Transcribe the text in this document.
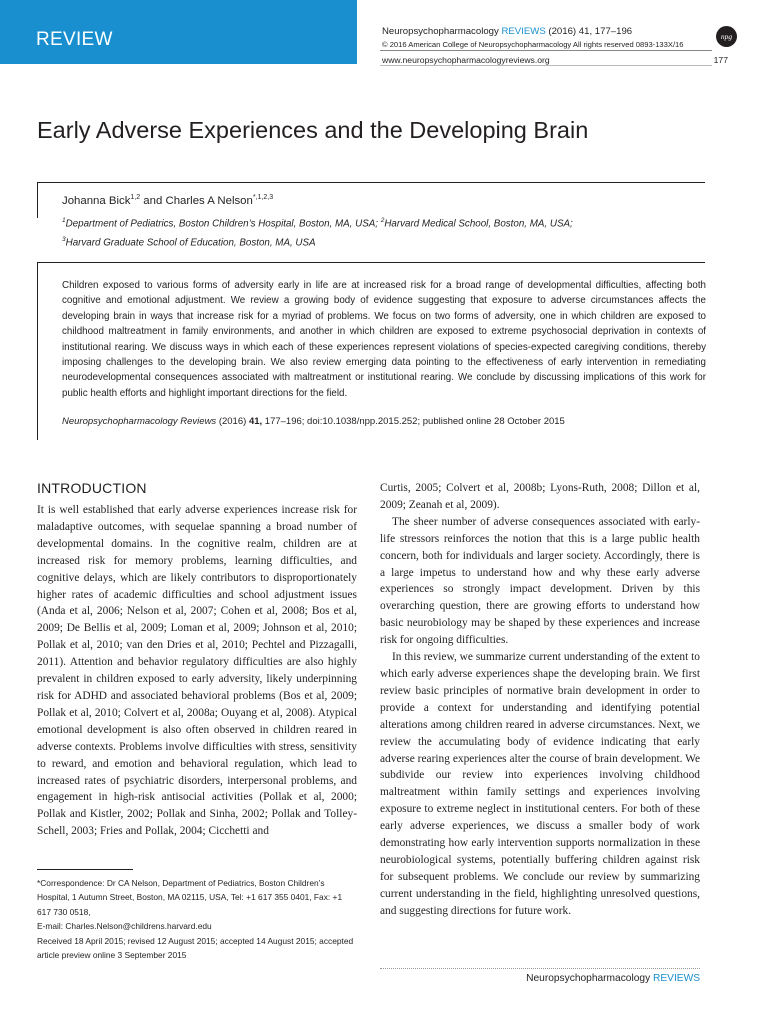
REVIEW	Neuropsychopharmacology REVIEWS (2016) 41, 177–196
© 2016 American College of Neuropsychopharmacology All rights reserved 0893-133X/16
www.neuropsychopharmacologyreviews.org	177
npg
Early Adverse Experiences and the Developing Brain
Johanna Bick$^{1,2}$ and Charles A Nelson$^{*,1,2,3}$
$^1$Department of Pediatrics, Boston Children’s Hospital, Boston, MA, USA; $^2$Harvard Medical School, Boston, MA, USA;
$^3$Harvard Graduate School of Education, Boston, MA, USA
Children exposed to various forms of adversity early in life are at increased risk for a broad range of developmental difficulties, affecting both cognitive and emotional adjustment. We review a growing body of evidence suggesting that exposure to adverse circumstances affects the developing brain in ways that increase risk for a myriad of problems. We focus on two forms of adversity, one in which children are exposed to childhood maltreatment in family environments, and another in which children are exposed to extreme psychosocial deprivation in contexts of institutional rearing. We discuss ways in which each of these experiences represent violations of species-expected caregiving conditions, thereby imposing challenges to the developing brain. We also review emerging data pointing to the effectiveness of early intervention in remediating neurodevelopmental consequences associated with maltreatment or institutional rearing. We conclude by discussing implications of this work for public health efforts and highlight important directions for the field.
Neuropsychopharmacology Reviews (2016) 41, 177–196; doi:10.1038/npp.2015.252; published online 28 October 2015
INTRODUCTION

It is well established that early adverse experiences increase risk for maladaptive outcomes, with sequelae spanning a broad number of developmental domains. In the cognitive realm, children are at increased risk for memory problems, learning difficulties, and cognitive delays, which are likely contributors to disproportionately higher rates of academic difficulties and school adjustment issues (Anda et al, 2006; Nelson et al, 2007; Cohen et al, 2008; Bos et al, 2009; De Bellis et al, 2009; Loman et al, 2009; Johnson et al, 2010; Pollak et al, 2010; van den Dries et al, 2010; Pechtel and Pizzagalli, 2011). Attention and behavior regulatory difficulties are also highly prevalent in children exposed to early adversity, likely underpinning risk for ADHD and associated behavioral problems (Bos et al, 2009; Pollak et al, 2010; Colvert et al, 2008a; Ouyang et al, 2008). Atypical emotional development is also often observed in children reared in adverse contexts. Problems involve difficulties with stress, sensitivity to reward, and emotion and behavioral regulation, which lead to increased rates of psychiatric disorders, interpersonal problems, and engagement in high-risk antisocial activities (Pollak et al, 2000; Pollak and Kistler, 2002; Pollak and Sinha, 2002; Pollak and Tolley-Schell, 2003; Fries and Pollak, 2004; Cicchetti and

Curtis, 2005; Colvert et al, 2008b; Lyons-Ruth, 2008; Dillon et al, 2009; Zeanah et al, 2009).

The sheer number of adverse consequences associated with early-life stressors reinforces the notion that this is a large public health concern, both for individuals and larger society. Accordingly, there is a large impetus to understand how and why these early adverse experiences so strongly impact development. Driven by this overarching question, there are growing efforts to understand how basic neurobiology may be shaped by these experiences and increase risk for ongoing difficulties.

In this review, we summarize current understanding of the extent to which early adverse experiences shape the developing brain. We first review basic principles of normative brain development in order to provide a context for understanding and identifying potential alterations among children reared in adverse circumstances. Next, we review the accumulating body of evidence indicating that early adverse rearing experiences alter the course of brain development. We subdivide our review into experiences involving childhood maltreatment within family settings and experiences involving exposure to extreme neglect in institutional centers. For both of these early adverse experiences, we discuss a smaller body of work demonstrating how early intervention supports normalization in these neurobiological systems, potentially buffering children against risk for subsequent problems. We conclude our review by summarizing current understanding in the field, highlighting unresolved questions, and suggesting directions for future work.

*Correspondence: Dr CA Nelson, Department of Pediatrics, Boston Children’s Hospital, 1 Autumn Street, Boston, MA 02115, USA, Tel: +1 617 355 0401, Fax: +1 617 730 0518,

E-mail: Charles.Nelson@childrens.harvard.edu

Received 18 April 2015; revised 12 August 2015; accepted 14 August 2015; accepted article preview online 3 September 2015

Neuropsychopharmacology REVIEWS
